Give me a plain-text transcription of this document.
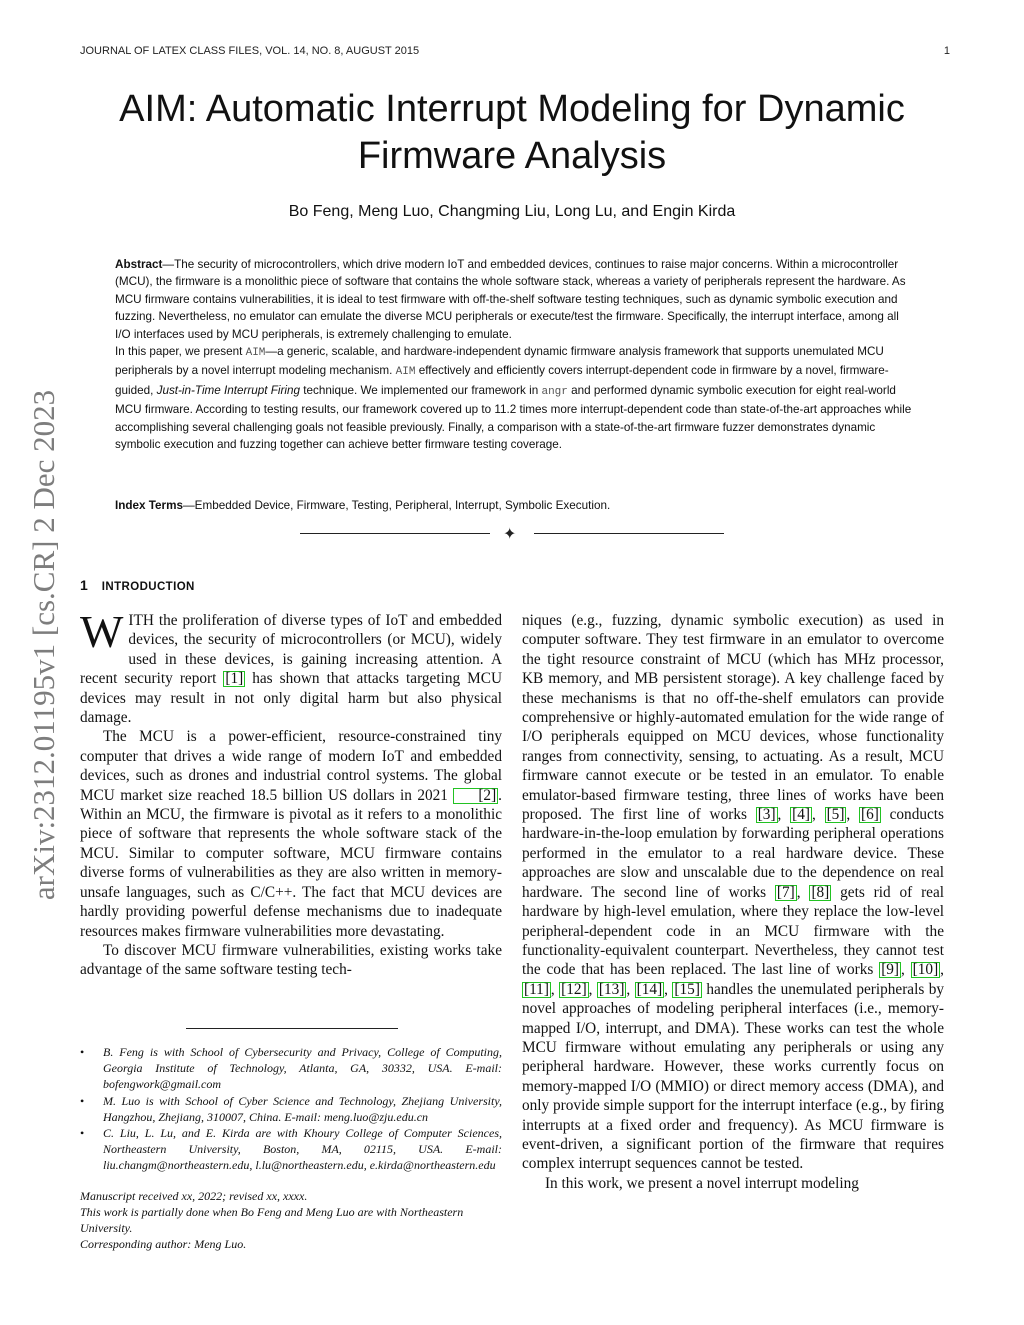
JOURNAL OF LATEX CLASS FILES, VOL. 14, NO. 8, AUGUST 2015	1
arXiv:2312.01195v1 [cs.CR] 2 Dec 2023
AIM: Automatic Interrupt Modeling for Dynamic Firmware Analysis
Bo Feng, Meng Luo, Changming Liu, Long Lu, and Engin Kirda

Abstract—The security of microcontrollers, which drive modern IoT and embedded devices, continues to raise major concerns. Within a microcontroller (MCU), the firmware is a monolithic piece of software that contains the whole software stack, whereas a variety of peripherals represent the hardware. As MCU firmware contains vulnerabilities, it is ideal to test firmware with off-the-shelf software testing techniques, such as dynamic symbolic execution and fuzzing. Nevertheless, no emulator can emulate the diverse MCU peripherals or execute/test the firmware. Specifically, the interrupt interface, among all I/O interfaces used by MCU peripherals, is extremely challenging to emulate.

In this paper, we present AIM—a generic, scalable, and hardware-independent dynamic firmware analysis framework that supports unemulated MCU peripherals by a novel interrupt modeling mechanism. AIM effectively and efficiently covers interrupt-dependent code in firmware by a novel, firmware-guided, Just-in-Time Interrupt Firing technique. We implemented our framework in angr and performed dynamic symbolic execution for eight real-world MCU firmware. According to testing results, our framework covered up to 11.2 times more interrupt-dependent code than state-of-the-art approaches while accomplishing several challenging goals not feasible previously. Finally, a comparison with a state-of-the-art firmware fuzzer demonstrates dynamic symbolic execution and fuzzing together can achieve better firmware testing coverage.

Index Terms—Embedded Device, Firmware, Testing, Peripheral, Interrupt, Symbolic Execution.
✦
1 INTRODUCTION

WITH the proliferation of diverse types of IoT and embedded devices, the security of microcontrollers (or MCU), widely used in these devices, is gaining increasing attention. A recent security report [1] has shown that attacks targeting MCU devices may result in not only digital harm but also physical damage.

The MCU is a power-efficient, resource-constrained tiny computer that drives a wide range of modern IoT and embedded devices, such as drones and industrial control systems. The global MCU market size reached 18.5 billion US dollars in 2021 [2] . Within an MCU, the firmware is pivotal as it refers to a monolithic piece of software that represents the whole software stack of the MCU. Similar to computer software, MCU firmware contains diverse forms of vulnerabilities as they are also written in memory-unsafe languages, such as C/C++. The fact that MCU devices are hardly providing powerful defense mechanisms due to inadequate resources makes firmware vulnerabilities more devastating.

To discover MCU firmware vulnerabilities, existing works take advantage of the same software testing tech-

niques (e.g., fuzzing, dynamic symbolic execution) as used in computer software. They test firmware in an emulator to overcome the tight resource constraint of MCU (which has MHz processor, KB memory, and MB persistent storage). A key challenge faced by these mechanisms is that no off-the-shelf emulators can provide comprehensive or highly-automated emulation for the wide range of I/O peripherals equipped on MCU devices, whose functionality ranges from connectivity, sensing, to actuating. As a result, MCU firmware cannot execute or be tested in an emulator. To enable emulator-based firmware testing, three lines of works have been proposed. The first line of works [3] , [4] , [5] , [6] conducts hardware-in-the-loop emulation by forwarding peripheral operations performed in the emulator to a real hardware device. These approaches are slow and unscalable due to the dependence on real hardware. The second line of works [7] , [8] gets rid of real hardware by high-level emulation, where they replace the low-level peripheral-dependent code in an MCU firmware with the functionality-equivalent counterpart. Nevertheless, they cannot test the code that has been replaced. The last line of works [9] , [10] , [11] , [12] , [13] , [14] , [15] handles the unemulated peripherals by novel approaches of modeling peripheral interfaces (i.e., memory-mapped I/O, interrupt, and DMA). These works can test the whole MCU firmware without emulating any peripherals or using any peripheral hardware. However, these works currently focus on memory-mapped I/O (MMIO) or direct memory access (DMA), and only provide simple support for the interrupt interface (e.g., by firing interrupts at a fixed order and frequency). As MCU firmware is event-driven, a significant portion of the firmware that requires complex interrupt sequences cannot be tested.

In this work, we present a novel interrupt modeling

• B. Feng is with School of Cybersecurity and Privacy, College of Computing, Georgia Institute of Technology, Atlanta, GA, 30332, USA. E-mail: bofengwork@gmail.com
• M. Luo is with School of Cyber Science and Technology, Zhejiang University, Hangzhou, Zhejiang, 310007, China. E-mail: meng.luo@zju.edu.cn
• C. Liu, L. Lu, and E. Kirda are with Khoury College of Computer Sciences, Northeastern University, Boston, MA, 02115, USA. E-mail: liu.changm@northeastern.edu, l.lu@northeastern.edu, e.kirda@northeastern.edu
Manuscript received xx, 2022; revised xx, xxxx.
This work is partially done when Bo Feng and Meng Luo are with Northeastern University.
Corresponding author: Meng Luo.
